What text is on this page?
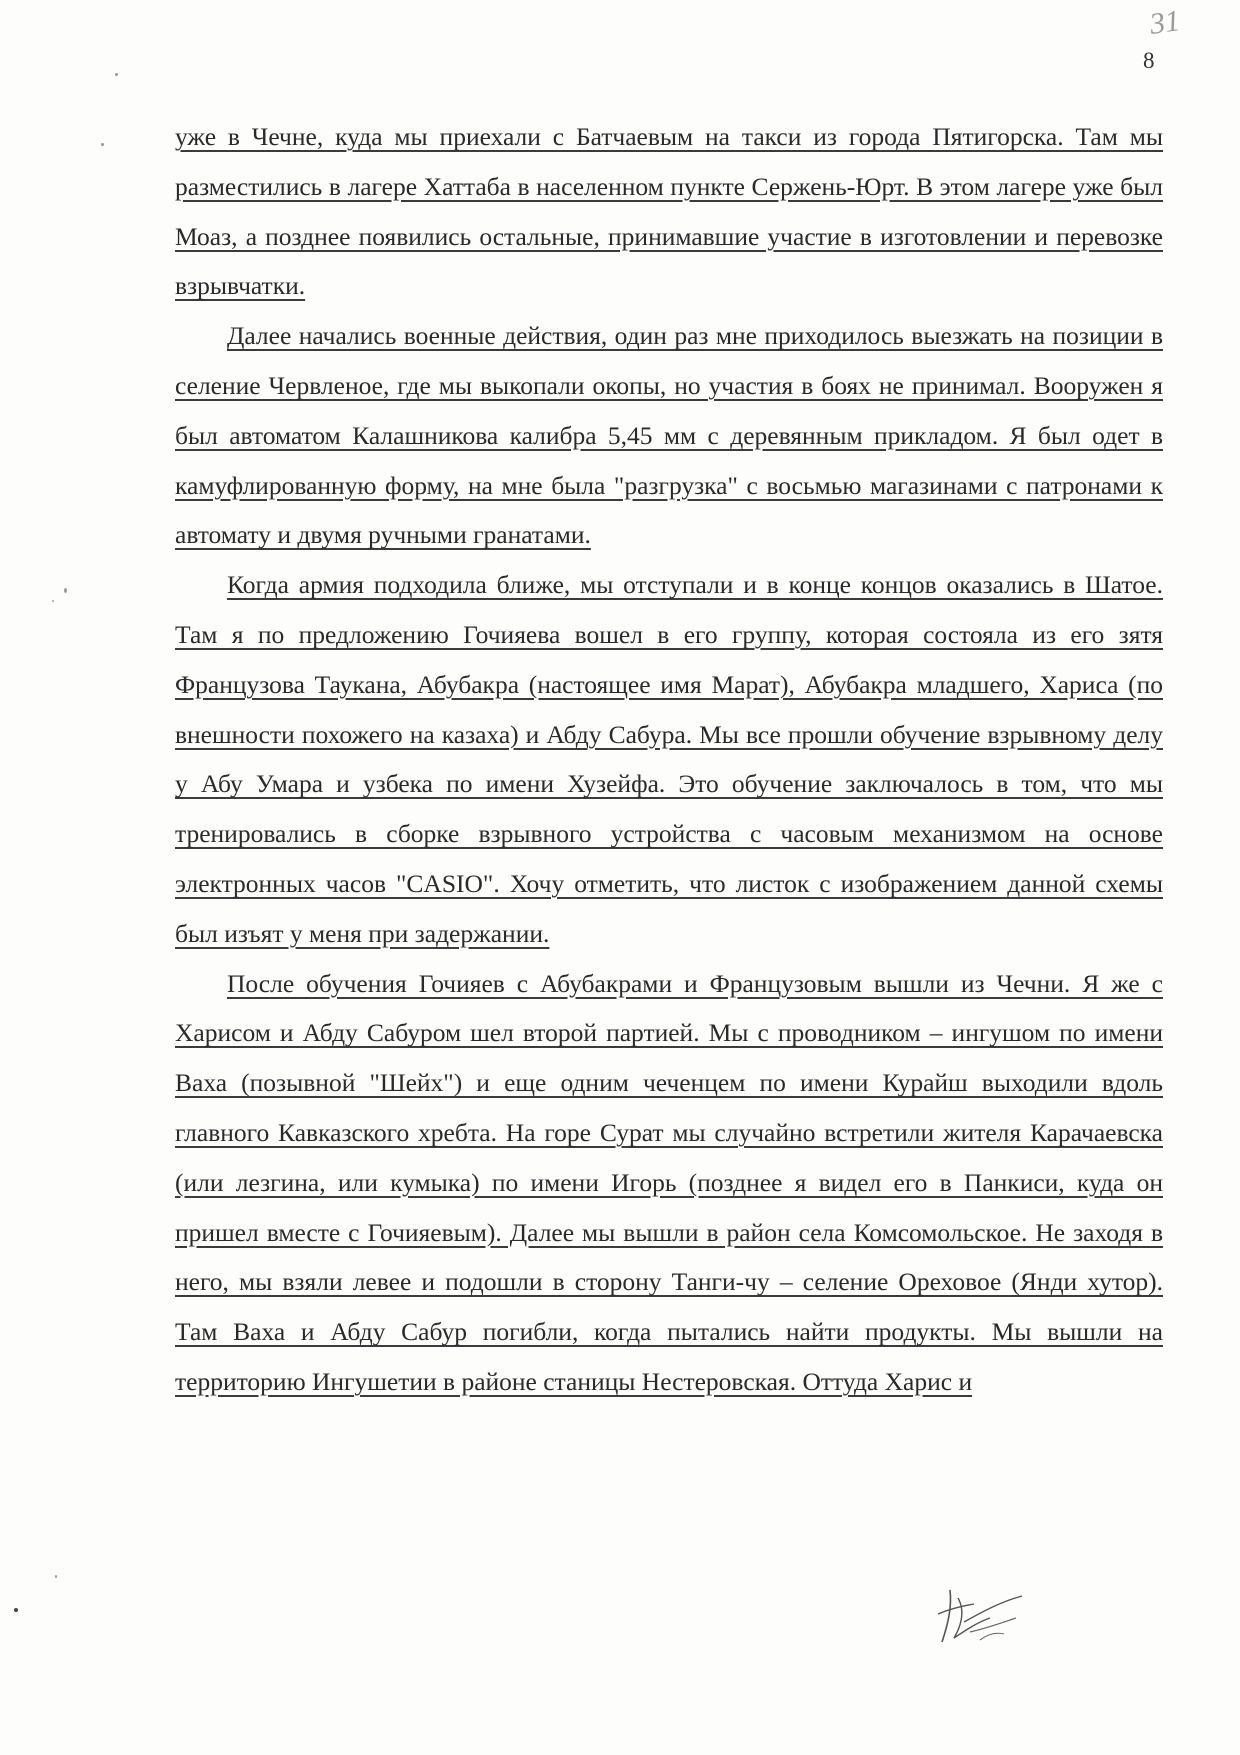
31
8

уже в Чечне, куда мы приехали с Батчаевым на такси из города Пятигорска. Там мы разместились в лагере Хаттаба в населенном пункте Сержень-Юрт. В этом лагере уже был Моаз, а позднее появились остальные, принимавшие участие в изготовлении и перевозке взрывчатки.

Далее начались военные действия, один раз мне приходилось выезжать на позиции в селение Червленое, где мы выкопали окопы, но участия в боях не принимал. Вооружен я был автоматом Калашникова калибра 5,45 мм с деревянным прикладом. Я был одет в камуфлированную форму, на мне была "разгрузка" с восьмью магазинами с патронами к автомату и двумя ручными гранатами.

Когда армия подходила ближе, мы отступали и в конце концов оказались в Шатое. Там я по предложению Гочияева вошел в его группу, которая состояла из его зятя Французова Таукана, Абубакра (настоящее имя Марат), Абубакра младшего, Хариса (по внешности похожего на казаха) и Абду Сабура. Мы все прошли обучение взрывному делу у Абу Умара и узбека по имени Хузейфа. Это обучение заключалось в том, что мы тренировались в сборке взрывного устройства с часовым механизмом на основе электронных часов "CASIO". Хочу отметить, что листок с изображением данной схемы был изъят у меня при задержании.

После обучения Гочияев с Абубакрами и Французовым вышли из Чечни. Я же с Харисом и Абду Сабуром шел второй партией. Мы с проводником – ингушом по имени Ваха (позывной "Шейх") и еще одним чеченцем по имени Курайш выходили вдоль главного Кавказского хребта. На горе Сурат мы случайно встретили жителя Карачаевска (или лезгина, или кумыка) по имени Игорь (позднее я видел его в Панкиси, куда он пришел вместе с Гочияевым). Далее мы вышли в район села Комсомольское. Не заходя в него, мы взяли левее и подошли в сторону Танги-чу – селение Ореховое (Янди хутор). Там Ваха и Абду Сабур погибли, когда пытались найти продукты. Мы вышли на территорию Ингушетии в районе станицы Нестеровская. Оттуда Харис и
